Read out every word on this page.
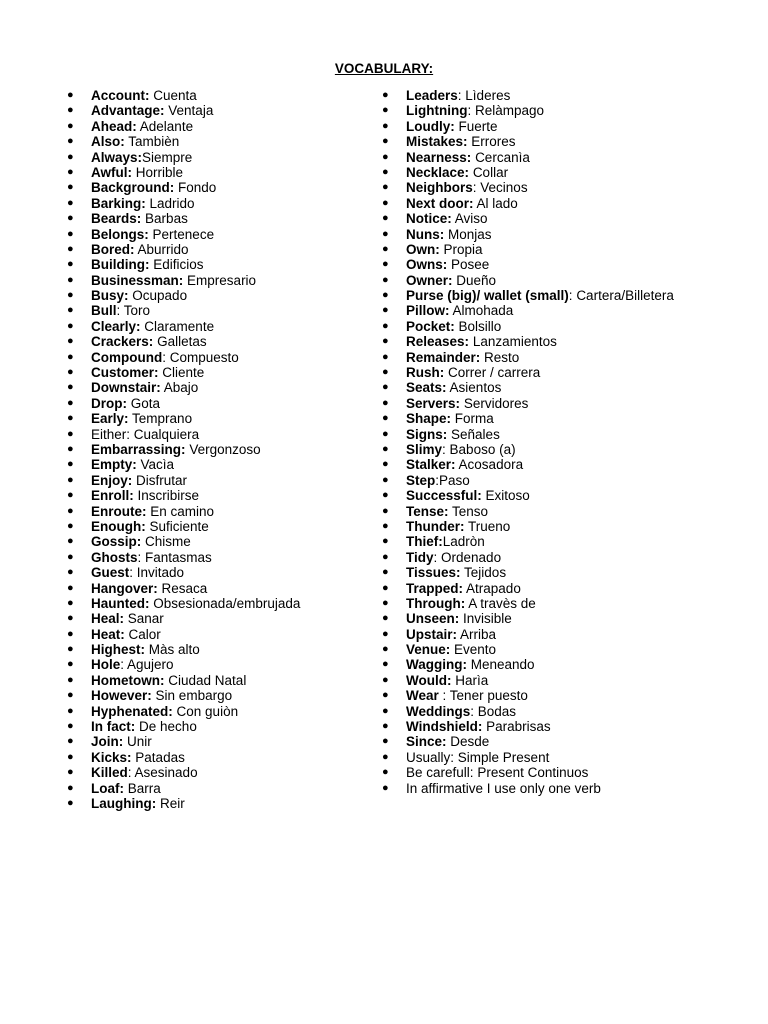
VOCABULARY:
●	Account: Cuenta
●	Advantage: Ventaja
●	Ahead: Adelante
●	Also: Tambièn
●	Always:Siempre
●	Awful: Horrible
●	Background: Fondo
●	Barking: Ladrido
●	Beards: Barbas
●	Belongs: Pertenece
●	Bored: Aburrido
●	Building: Edificios
●	Businessman: Empresario
●	Busy: Ocupado
●	Bull: Toro
●	Clearly: Claramente
●	Crackers: Galletas
●	Compound: Compuesto
●	Customer: Cliente
●	Downstair: Abajo
●	Drop: Gota
●	Early: Temprano
●	Either: Cualquiera
●	Embarrassing: Vergonzoso
●	Empty: Vacìa
●	Enjoy: Disfrutar
●	Enroll: Inscribirse
●	Enroute: En camino
●	Enough: Suficiente
●	Gossip: Chisme
●	Ghosts: Fantasmas
●	Guest: Invitado
●	Hangover: Resaca
●	Haunted: Obsesionada/embrujada
●	Heal: Sanar
●	Heat: Calor
●	Highest: Màs alto
●	Hole: Agujero
●	Hometown: Ciudad Natal
●	However: Sin embargo
●	Hyphenated: Con guiòn
●	In fact: De hecho
●	Join: Unir
●	Kicks: Patadas
●	Killed: Asesinado
●	Loaf: Barra
●	Laughing: Reir
●	Leaders: Lìderes
●	Lightning: Relàmpago
●	Loudly: Fuerte
●	Mistakes: Errores
●	Nearness: Cercanìa
●	Necklace: Collar
●	Neighbors: Vecinos
●	Next door: Al lado
●	Notice: Aviso
●	Nuns: Monjas
●	Own: Propia
●	Owns: Posee
●	Owner: Dueño
●	Purse (big)/ wallet (small): Cartera/Billetera
●	Pillow: Almohada
●	Pocket: Bolsillo
●	Releases: Lanzamientos
●	Remainder: Resto
●	Rush: Correr / carrera
●	Seats: Asientos
●	Servers: Servidores
●	Shape: Forma
●	Signs: Señales
●	Slimy: Baboso (a)
●	Stalker: Acosadora
●	Step:Paso
●	Successful: Exitoso
●	Tense: Tenso
●	Thunder: Trueno
●	Thief:Ladròn
●	Tidy: Ordenado
●	Tissues: Tejidos
●	Trapped: Atrapado
●	Through: A travès de
●	Unseen: Invisible
●	Upstair: Arriba
●	Venue: Evento
●	Wagging: Meneando
●	Would: Harìa
●	Wear : Tener puesto
●	Weddings: Bodas
●	Windshield: Parabrisas
●	Since: Desde
●	Usually: Simple Present
●	Be carefull: Present Continuos
●	In affirmative I use only one verb
